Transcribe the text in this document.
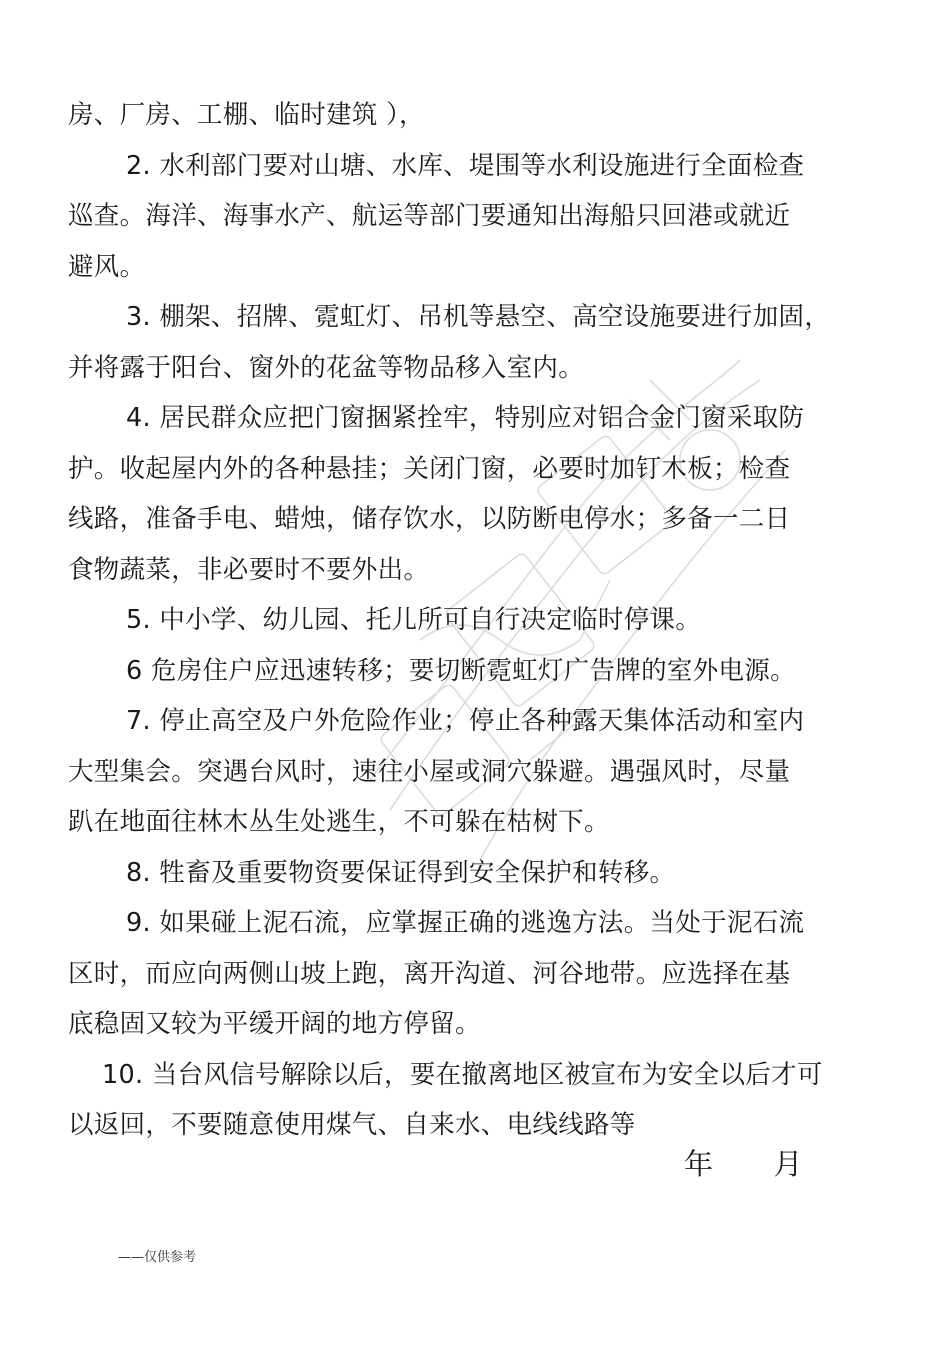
房、厂房、工棚、临时建筑 ），
2. 水利部门要对山塘、水库、堤围等水利设施进行全面检查
巡查。海洋、海事水产、航运等部门要通知出海船只回港或就近
避风。
3. 棚架、招牌、霓虹灯、吊机等悬空、高空设施要进行加固，
并将露于阳台、窗外的花盆等物品移入室内。
4. 居民群众应把门窗捆紧拴牢，特别应对铝合金门窗采取防
护。收起屋内外的各种悬挂；关闭门窗，必要时加钉木板；检查
线路，准备手电、蜡烛，储存饮水，以防断电停水；多备一二日
食物蔬菜，非必要时不要外出。
5. 中小学、幼儿园、托儿所可自行决定临时停课。
6 危房住户应迅速转移；要切断霓虹灯广告牌的室外电源。
7. 停止高空及户外危险作业；停止各种露天集体活动和室内
大型集会。突遇台风时，速往小屋或洞穴躲避。遇强风时，尽量
趴在地面往林木丛生处逃生，不可躲在枯树下。
8. 牲畜及重要物资要保证得到安全保护和转移。
9. 如果碰上泥石流，应掌握正确的逃逸方法。当处于泥石流
区时，而应向两侧山坡上跑，离开沟道、河谷地带。应选择在基
底稳固又较为平缓开阔的地方停留。
10. 当台风信号解除以后，要在撤离地区被宣布为安全以后才可
以返回，不要随意使用煤气、自来水、电线线路等
年 月
——仅供参考
